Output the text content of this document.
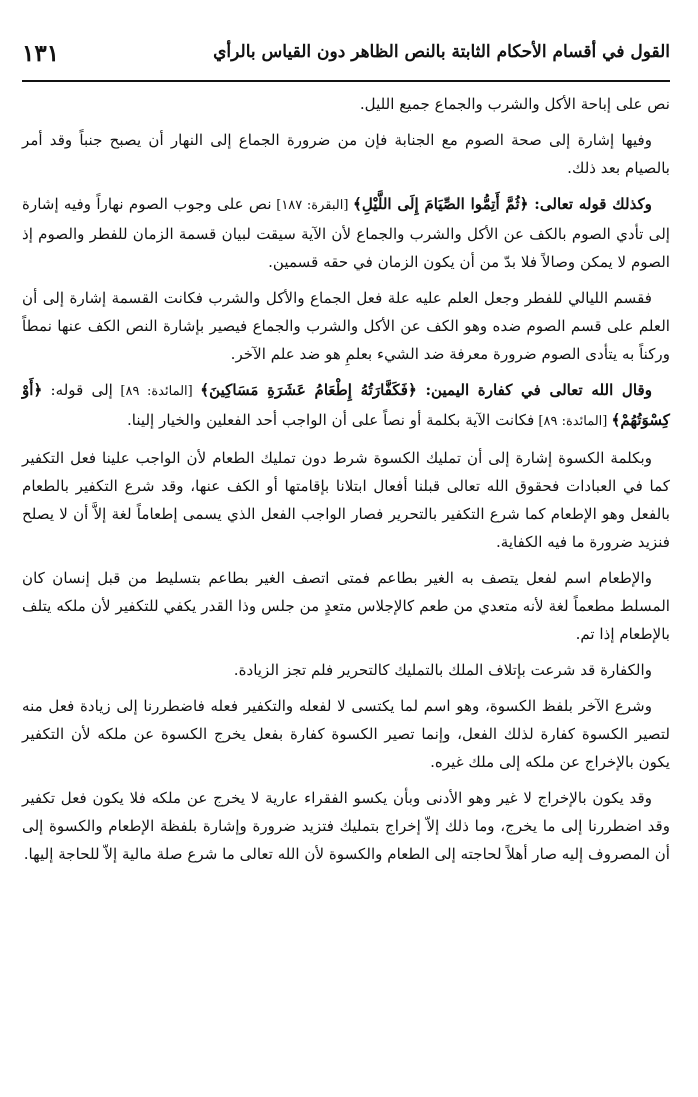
القول في أقسام الأحكام الثابتة بالنص الظاهر دون القياس بالرأي
١٣١

نص على إباحة الأكل والشرب والجماع جميع الليل.

وفيها إشارة إلى صحة الصوم مع الجنابة فإن من ضرورة الجماع إلى النهار أن يصبح جنباً وقد أمر بالصيام بعد ذلك.

وكذلك قوله تعالى: ﴿ثُمَّ أَتِمُّوا الصِّيَامَ إِلَى اللَّيْلِ﴾ [البقرة: ١٨٧] نص على وجوب الصوم نهاراً وفيه إشارة إلى تأدي الصوم بالكف عن الأكل والشرب والجماع لأن الآية سيقت لبيان قسمة الزمان للفطر والصوم إذ الصوم لا يمكن وصالاً فلا بدّ من أن يكون الزمان في حقه قسمين.

فقسم الليالي للفطر وجعل العلم عليه علة فعل الجماع والأكل والشرب فكانت القسمة إشارة إلى أن العلم على قسم الصوم ضده وهو الكف عن الأكل والشرب والجماع فيصير بإشارة النص الكف عنها نمطاً وركناً به يتأدى الصوم ضرورة معرفة ضد الشيء بعلمِ هو ضد علم الآخر.

وقال الله تعالى في كفارة اليمين: ﴿فَكَفَّارَتُهُ إِطْعَامُ عَشَرَةِ مَسَاكِينَ﴾ [المائدة: ٨٩] إلى قوله: ﴿أَوْ كِسْوَتُهُمْ﴾ [المائدة: ٨٩] فكانت الآية بكلمة أو نصاً على أن الواجب أحد الفعلين والخيار إلينا.

وبكلمة الكسوة إشارة إلى أن تمليك الكسوة شرط دون تمليك الطعام لأن الواجب علينا فعل التكفير كما في العبادات فحقوق الله تعالى قبلنا أفعال ابتلانا بإقامتها أو الكف عنها، وقد شرع التكفير بالطعام بالفعل وهو الإطعام كما شرع التكفير بالتحرير فصار الواجب الفعل الذي يسمى إطعاماً لغة إلاَّ أن لا يصلح فنزيد ضرورة ما فيه الكفاية.

والإطعام اسم لفعل يتصف به الغير بطاعم فمتى اتصف الغير بطاعم بتسليط من قبل إنسان كان المسلط مطعماً لغة لأنه متعدي من طعم كالإجلاس متعدٍ من جلس وذا القدر يكفي للتكفير لأن ملكه يتلف بالإطعام إذا تم.

والكفارة قد شرعت بإتلاف الملك بالتمليك كالتحرير فلم تجز الزيادة.

وشرع الآخر بلفظ الكسوة، وهو اسم لما يكتسى لا لفعله والتكفير فعله فاضطررنا إلى زيادة فعل منه لتصير الكسوة كفارة لذلك الفعل، وإنما تصير الكسوة كفارة بفعل يخرج الكسوة عن ملكه لأن التكفير يكون بالإخراج عن ملكه إلى ملك غيره.

وقد يكون بالإخراج لا غير وهو الأدنى وبأن يكسو الفقراء عارية لا يخرج عن ملكه فلا يكون فعل تكفير وقد اضطررنا إلى ما يخرج، وما ذلك إلاّ إخراج بتمليك فتزيد ضرورة وإشارة بلفظة الإطعام والكسوة إلى أن المصروف إليه صار أهلاً لحاجته إلى الطعام والكسوة لأن الله تعالى ما شرع صلة مالية إلاّ للحاجة إليها.
